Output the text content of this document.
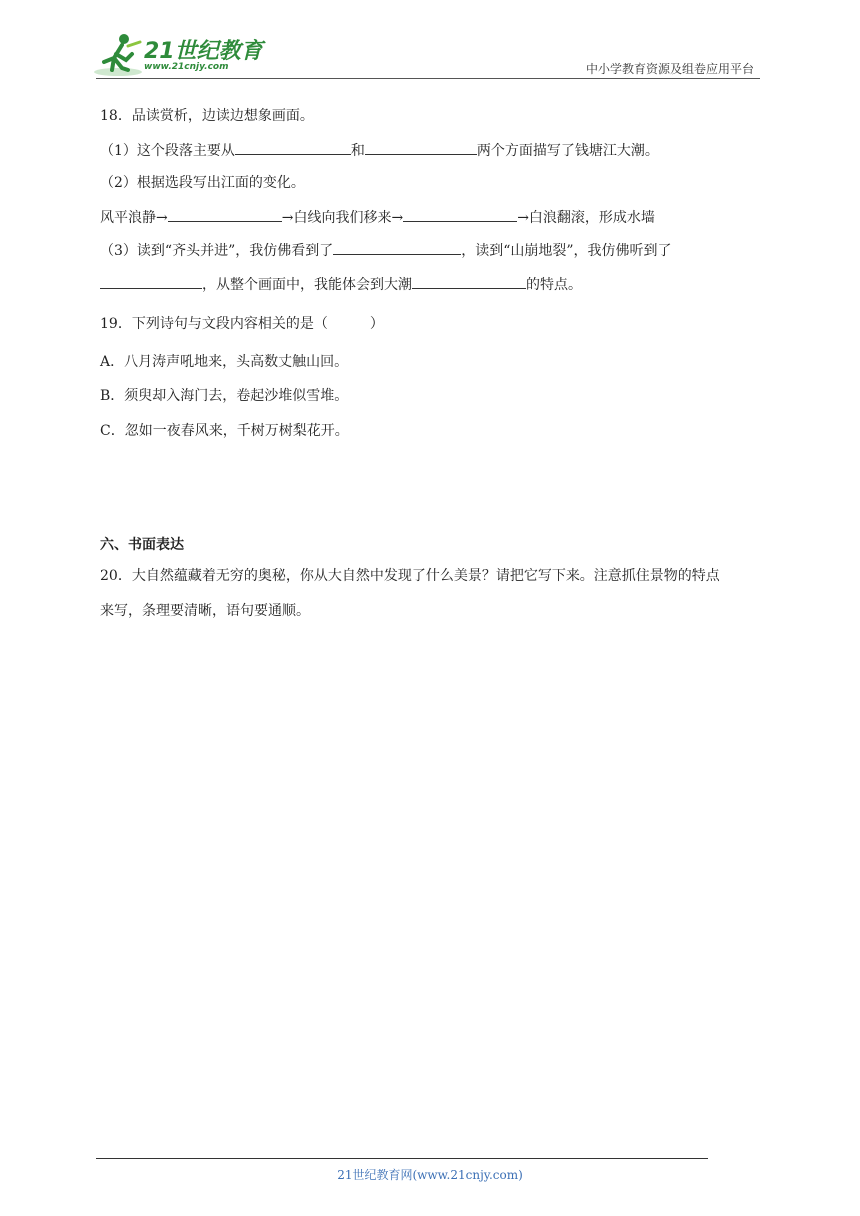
21世纪教育
www.21cnjy.com	中小学教育资源及组卷应用平台
18．品读赏析，边读边想象画面。
（1）这个段落主要从	和	两个方面描写了钱塘江大潮。
（2）根据选段写出江面的变化。
风平浪静→	→白线向我们移来→	→白浪翻滚，形成水墙
（3）读到“齐头并进”，我仿佛看到了	，读到“山崩地裂”，我仿佛听到了
，从整个画面中，我能体会到大潮	的特点。
19．下列诗句与文段内容相关的是（　　　）
A．八月涛声吼地来，头高数丈触山回。
B．须臾却入海门去，卷起沙堆似雪堆。
C．忽如一夜春风来，千树万树梨花开。
六、书面表达
20．大自然蕴藏着无穷的奥秘，你从大自然中发现了什么美景？请把它写下来。注意抓住景物的特点
来写，条理要清晰，语句要通顺。
21世纪教育网(www.21cnjy.com)
